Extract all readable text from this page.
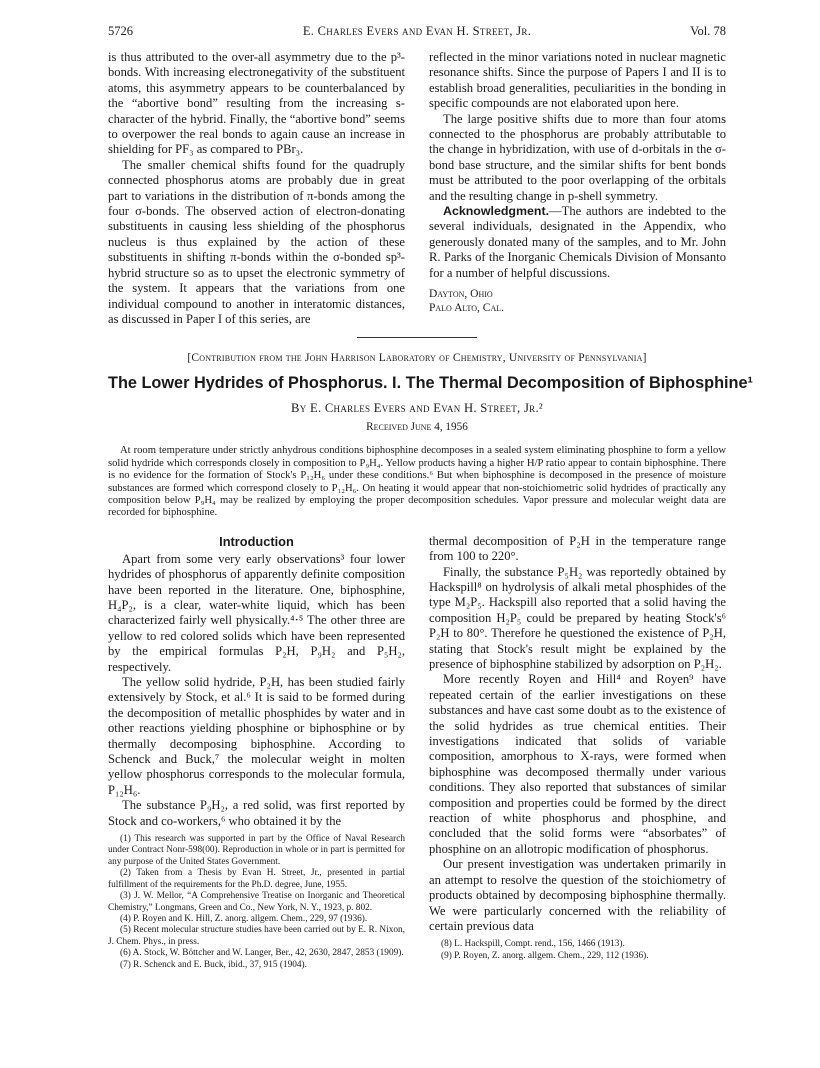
5726	E. Charles Evers and Evan H. Street, Jr.	Vol. 78

is thus attributed to the over-all asymmetry due to the p³-bonds. With increasing electronegativity of the substituent atoms, this asymmetry appears to be counterbalanced by the “abortive bond” resulting from the increasing s-character of the hybrid. Finally, the “abortive bond” seems to overpower the real bonds to again cause an increase in shielding for PF₃ as compared to PBr₃.

The smaller chemical shifts found for the quadruply connected phosphorus atoms are probably due in great part to variations in the distribution of π-bonds among the four σ-bonds. The observed action of electron-donating substituents in causing less shielding of the phosphorus nucleus is thus explained by the action of these substituents in shifting π-bonds within the σ-bonded sp³-hybrid structure so as to upset the electronic symmetry of the system. It appears that the variations from one individual compound to another in interatomic distances, as discussed in Paper I of this series, are

reflected in the minor variations noted in nuclear magnetic resonance shifts. Since the purpose of Papers I and II is to establish broad generalities, peculiarities in the bonding in specific compounds are not elaborated upon here.

The large positive shifts due to more than four atoms connected to the phosphorus are probably attributable to the change in hybridization, with use of d-orbitals in the σ-bond base structure, and the similar shifts for bent bonds must be attributed to the poor overlapping of the orbitals and the resulting change in p-shell symmetry.

Acknowledgment.—The authors are indebted to the several individuals, designated in the Appendix, who generously donated many of the samples, and to Mr. John R. Parks of the Inorganic Chemicals Division of Monsanto for a number of helpful discussions.

Dayton, Ohio
Palo Alto, Cal.
[Contribution from the John Harrison Laboratory of Chemistry, University of Pennsylvania]
The Lower Hydrides of Phosphorus. I. The Thermal Decomposition of Biphosphine¹
By E. Charles Evers and Evan H. Street, Jr.²
Received June 4, 1956

At room temperature under strictly anhydrous conditions biphosphine decomposes in a sealed system eliminating phosphine to form a yellow solid hydride which corresponds closely in composition to P₉H₄. Yellow products having a higher H/P ratio appear to contain biphosphine. There is no evidence for the formation of Stock's P₁₂H₆ under these conditions.⁶ But when biphosphine is decomposed in the presence of moisture substances are formed which correspond closely to P₁₂H₆. On heating it would appear that non-stoichiometric solid hydrides of practically any composition below P₉H₄ may be realized by employing the proper decomposition schedules. Vapor pressure and molecular weight data are recorded for biphosphine.

Introduction

Apart from some very early observations³ four lower hydrides of phosphorus of apparently definite composition have been reported in the literature. One, biphosphine, H₄P₂, is a clear, water-white liquid, which has been characterized fairly well physically.⁴⋅⁵ The other three are yellow to red colored solids which have been represented by the empirical formulas P₂H, P₉H₂ and P₅H₂, respectively.

The yellow solid hydride, P₂H, has been studied fairly extensively by Stock, et al.⁶ It is said to be formed during the decomposition of metallic phosphides by water and in other reactions yielding phosphine or biphosphine or by thermally decomposing biphosphine. According to Schenck and Buck,⁷ the molecular weight in molten yellow phosphorus corresponds to the molecular formula, P₁₂H₆.

The substance P₉H₂, a red solid, was first reported by Stock and co-workers,⁶ who obtained it by the

(1) This research was supported in part by the Office of Naval Research under Contract Nonr-598(00). Reproduction in whole or in part is permitted for any purpose of the United States Government.

(2) Taken from a Thesis by Evan H. Street, Jr., presented in partial fulfillment of the requirements for the Ph.D. degree, June, 1955.

(3) J. W. Mellor, “A Comprehensive Treatise on Inorganic and Theoretical Chemistry,” Longmans, Green and Co., New York, N. Y., 1923, p. 802.

(4) P. Royen and K. Hill, Z. anorg. allgem. Chem., 229, 97 (1936).

(5) Recent molecular structure studies have been carried out by E. R. Nixon, J. Chem. Phys., in press.

(6) A. Stock, W. Böttcher and W. Langer, Ber., 42, 2630, 2847, 2853 (1909).

(7) R. Schenck and E. Buck, ibid., 37, 915 (1904).

thermal decomposition of P₂H in the temperature range from 100 to 220°.

Finally, the substance P₅H₂ was reportedly obtained by Hackspill⁸ on hydrolysis of alkali metal phosphides of the type M₂P₅. Hackspill also reported that a solid having the composition H₂P₅ could be prepared by heating Stock's⁶ P₂H to 80°. Therefore he questioned the existence of P₂H, stating that Stock's result might be explained by the presence of biphosphine stabilized by adsorption on P₂H₂.

More recently Royen and Hill⁴ and Royen⁹ have repeated certain of the earlier investigations on these substances and have cast some doubt as to the existence of the solid hydrides as true chemical entities. Their investigations indicated that solids of variable composition, amorphous to X-rays, were formed when biphosphine was decomposed thermally under various conditions. They also reported that substances of similar composition and properties could be formed by the direct reaction of white phosphorus and phosphine, and concluded that the solid forms were “absorbates” of phosphine on an allotropic modification of phosphorus.

Our present investigation was undertaken primarily in an attempt to resolve the question of the stoichiometry of products obtained by decomposing biphosphine thermally. We were particularly concerned with the reliability of certain previous data

(8) L. Hackspill, Compt. rend., 156, 1466 (1913).

(9) P. Royen, Z. anorg. allgem. Chem., 229, 112 (1936).
